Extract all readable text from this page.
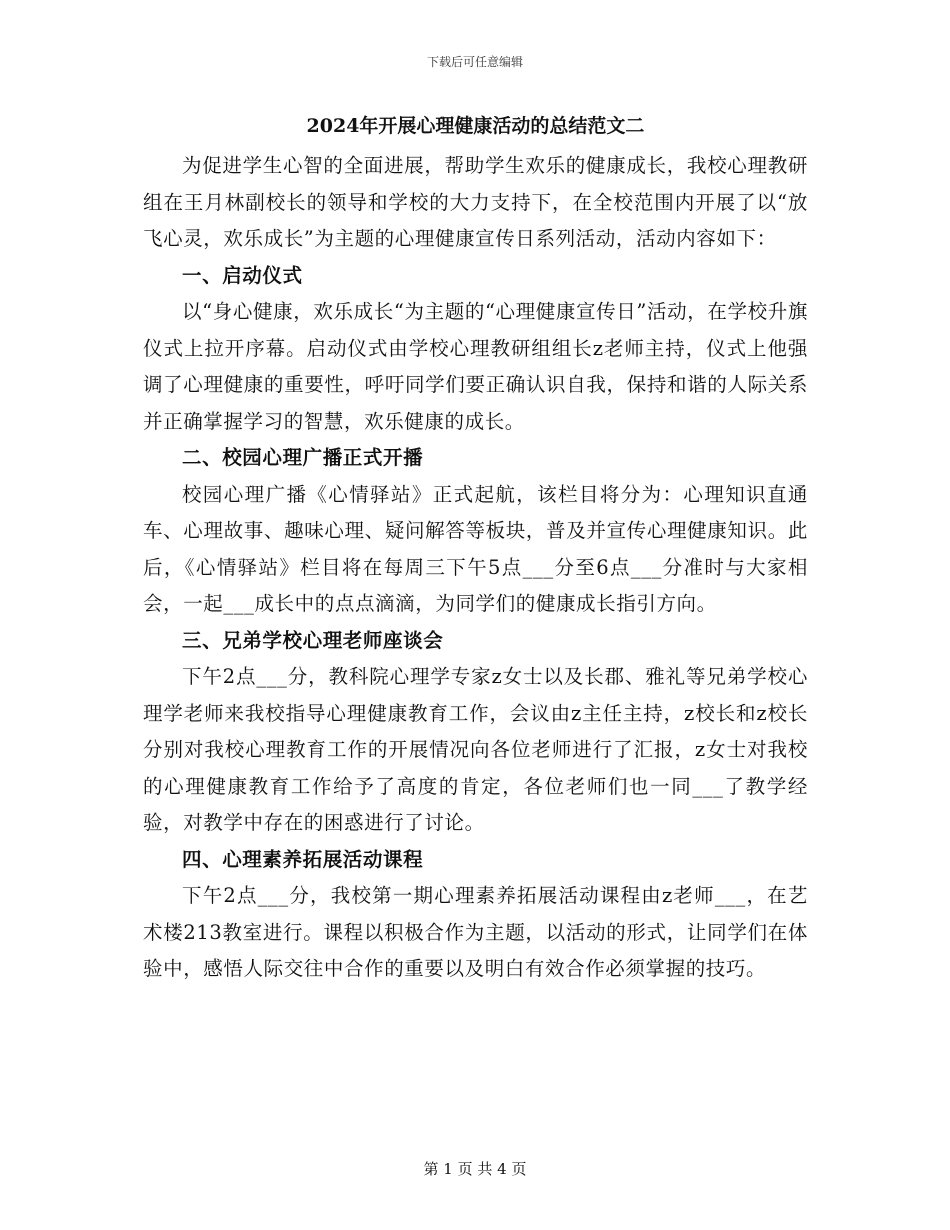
下载后可任意编辑
2024年开展心理健康活动的总结范文二

为促进学生心智的全面进展，帮助学生欢乐的健康成长，我校心理教研组在王月林副校长的领导和学校的大力支持下，在全校范围内开展了以“放飞心灵，欢乐成长”为主题的心理健康宣传日系列活动，活动内容如下：

一、启动仪式

以“身心健康，欢乐成长“为主题的“心理健康宣传日”活动，在学校升旗仪式上拉开序幕。启动仪式由学校心理教研组组长z老师主持，仪式上他强调了心理健康的重要性，呼吁同学们要正确认识自我，保持和谐的人际关系并正确掌握学习的智慧，欢乐健康的成长。

二、校园心理广播正式开播

校园心理广播《心情驿站》正式起航，该栏目将分为：心理知识直通车、心理故事、趣味心理、疑问解答等板块，普及并宣传心理健康知识。此后，《心情驿站》栏目将在每周三下午5点___分至6点___分准时与大家相会，一起___成长中的点点滴滴，为同学们的健康成长指引方向。

三、兄弟学校心理老师座谈会

下午2点___分，教科院心理学专家z女士以及长郡、雅礼等兄弟学校心理学老师来我校指导心理健康教育工作，会议由z主任主持，z校长和z校长分别对我校心理教育工作的开展情况向各位老师进行了汇报，z女士对我校的心理健康教育工作给予了高度的肯定，各位老师们也一同___了教学经验，对教学中存在的困惑进行了讨论。

四、心理素养拓展活动课程

下午2点___分，我校第一期心理素养拓展活动课程由z老师___，在艺术楼213教室进行。课程以积极合作为主题，以活动的形式，让同学们在体验中，感悟人际交往中合作的重要以及明白有效合作必须掌握的技巧。

第 1 页 共 4 页
